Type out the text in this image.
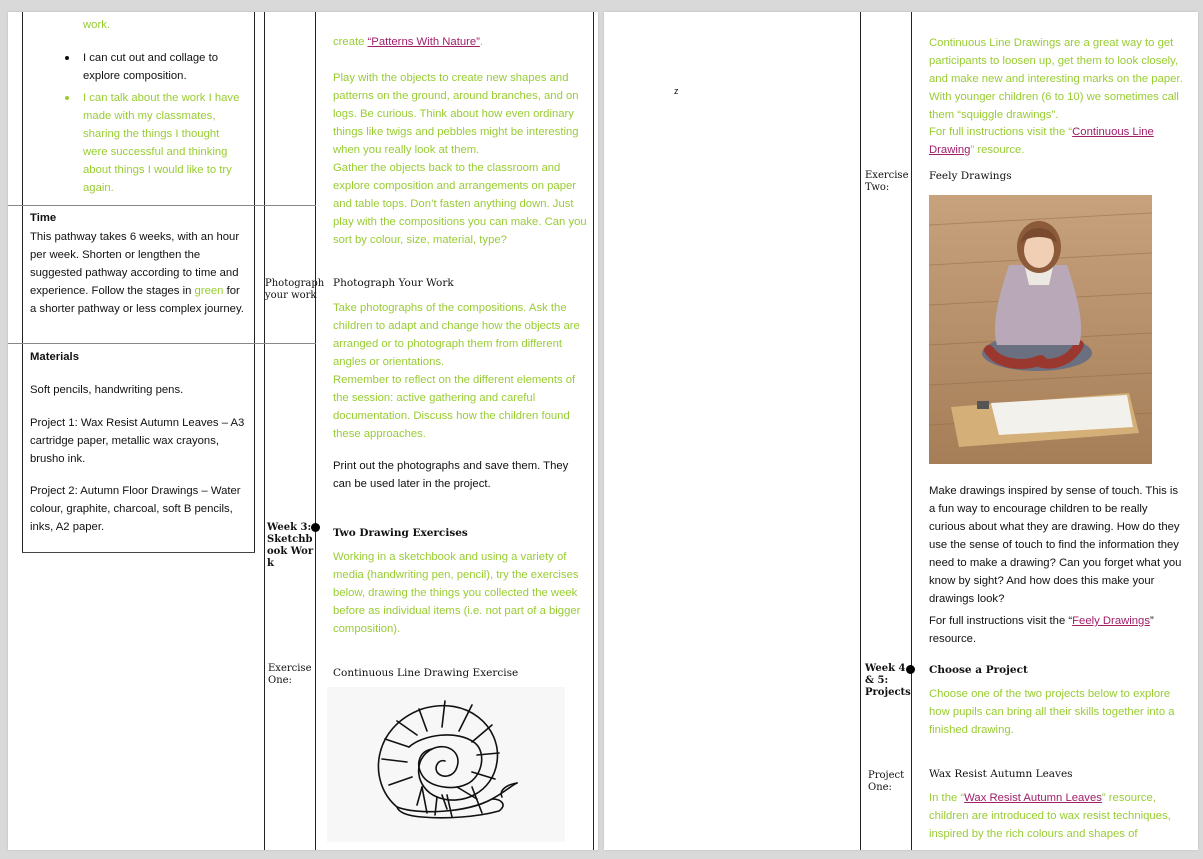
work.

I can cut out and collage to explore composition.
I can talk about the work I have made with my classmates, sharing the things I thought were successful and thinking about things I would like to try again.

Time

This pathway takes 6 weeks, with an hour per week. Shorten or lengthen the suggested pathway according to time and experience. Follow the stages in green for a shorter pathway or less complex journey.

Materials

Soft pencils, handwriting pens.

Project 1: Wax Resist Autumn Leaves – A3 cartridge paper, metallic wax crayons, brusho ink.

Project 2: Autumn Floor Drawings – Water colour, graphite, charcoal, soft B pencils, inks, A2 paper.

Photograph your work

Week 3: Sketchbook Work

Exercise One:

create “Patterns With Nature”.

Play with the objects to create new shapes and patterns on the ground, around branches, and on logs. Be curious. Think about how even ordinary things like twigs and pebbles might be interesting when you really look at them.

Gather the objects back to the classroom and explore composition and arrangements on paper and table tops. Don’t fasten anything down. Just play with the compositions you can make. Can you sort by colour, size, material, type?

Photograph Your Work

Take photographs of the compositions. Ask the children to adapt and change how the objects are arranged or to photograph them from different angles or orientations.

Remember to reflect on the different elements of the session: active gathering and careful documentation. Discuss how the children found these approaches.

Print out the photographs and save them. They can be used later in the project.

Two Drawing Exercises

Working in a sketchbook and using a variety of media (handwriting pen, pencil), try the exercises below, drawing the things you collected the week before as individual items (i.e. not part of a bigger composition).

Continuous Line Drawing Exercise

z

Exercise Two:

Week 4 & 5: Projects

Project One:

Continuous Line Drawings are a great way to get participants to loosen up, get them to look closely, and make new and interesting marks on the paper. With younger children (6 to 10) we sometimes call them “squiggle drawings”.

For full instructions visit the “Continuous Line Drawing” resource.

Feely Drawings

Make drawings inspired by sense of touch. This is a fun way to encourage children to be really curious about what they are drawing. How do they use the sense of touch to find the information they need to make a drawing? Can you forget what you know by sight? And how does this make your drawings look?

For full instructions visit the “Feely Drawings” resource.

Choose a Project

Choose one of the two projects below to explore how pupils can bring all their skills together into a finished drawing.

Wax Resist Autumn Leaves

In the “Wax Resist Autumn Leaves” resource, children are introduced to wax resist techniques, inspired by the rich colours and shapes of
